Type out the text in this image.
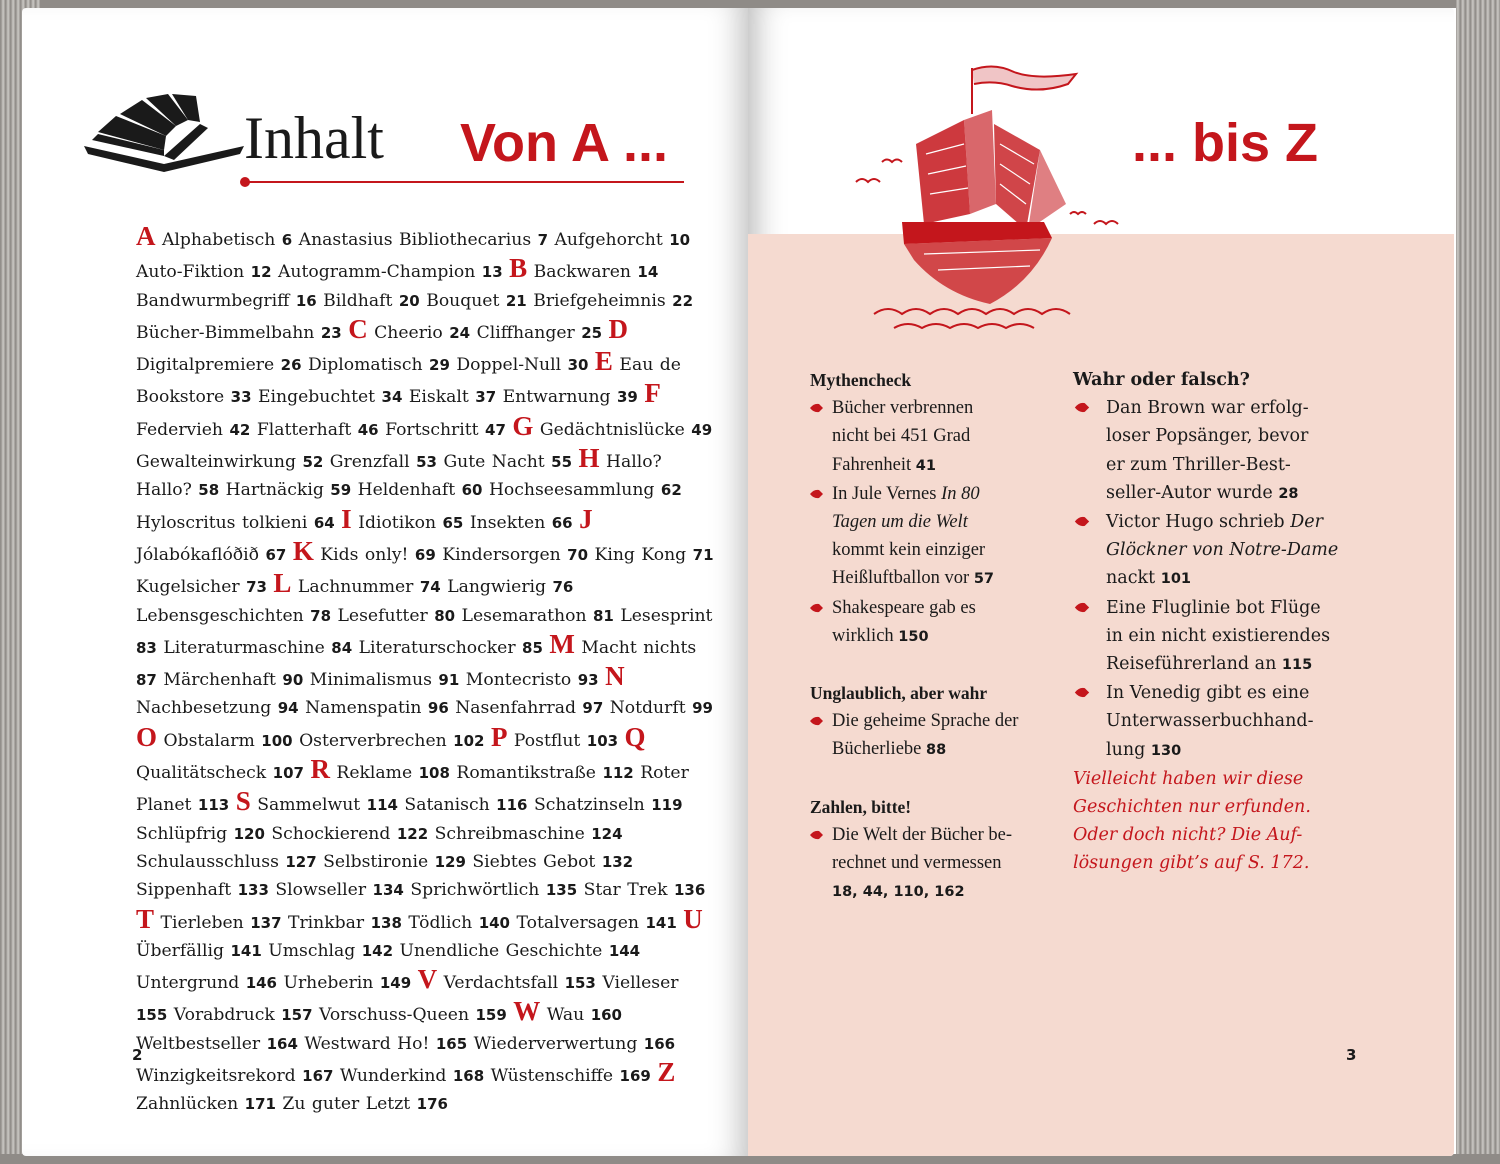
Inhalt Von A ...
A Alphabetisch 6 Anastasius Bibliothecarius 7 Aufgehorcht 10 Auto-Fiktion 12 Autogramm-Champion 13 B Backwaren 14 Bandwurmbegriff 16 Bildhaft 20 Bouquet 21 Briefgeheimnis 22 Bücher-Bimmelbahn 23 C Cheerio 24 Cliffhanger 25 D Digitalpremiere 26 Diplomatisch 29 Doppel-Null 30 E Eau de Bookstore 33 Eingebuchtet 34 Eiskalt 37 Entwarnung 39 F Federvieh 42 Flatterhaft 46 Fortschritt 47 G Gedächtnislücke 49 Gewalteinwirkung 52 Grenzfall 53 Gute Nacht 55 H Hallo? Hallo? 58 Hartnäckig 59 Heldenhaft 60 Hochseesammlung 62 Hyloscritus tolkieni 64 I Idiotikon 65 Insekten 66 J Jólabókaflóðið 67 K Kids only! 69 Kindersorgen 70 King Kong 71 Kugelsicher 73 L Lachnummer 74 Langwierig 76 Lebensgeschichten 78 Lesefutter 80 Lesemarathon 81 Lesesprint 83 Literaturmaschine 84 Literaturschocker 85 M Macht nichts 87 Märchenhaft 90 Minimalismus 91 Montecristo 93 N Nachbesetzung 94 Namenspatin 96 Nasenfahrrad 97 Notdurft 99 O Obstalarm 100 Osterverbrechen 102 P Postflut 103 Q Qualitätscheck 107 R Reklame 108 Romantikstraße 112 Roter Planet 113 S Sammelwut 114 Satanisch 116 Schatzinseln 119 Schlüpfrig 120 Schockierend 122 Schreibmaschine 124 Schulausschluss 127 Selbstironie 129 Siebtes Gebot 132 Sippenhaft 133 Slowseller 134 Sprichwörtlich 135 Star Trek 136 T Tierleben 137 Trinkbar 138 Tödlich 140 Totalversagen 141 U Überfällig 141 Umschlag 142 Unendliche Geschichte 144 Untergrund 146 Urheberin 149 V Verdachtsfall 153 Vielleser 155 Vorabdruck 157 Vorschuss-Queen 159 W Wau 160 Weltbestseller 164 Westward Ho! 165 Wiederverwertung 166 Winzigkeitsrekord 167 Wunderkind 168 Wüstenschiffe 169 Z Zahnlücken 171 Zu guter Letzt 176
2
... bis Z

Mythencheck

Bücher verbrennen
nicht bei 451 Grad
Fahrenheit 41
In Jule Vernes In 80
Tagen um die Welt
kommt kein einziger
Heißluftballon vor 57
Shakespeare gab es
wirklich 150

Unglaublich, aber wahr

Die geheime Sprache der
Bücherliebe 88

Zahlen, bitte!

Die Welt der Bücher be-
rechnet und vermessen
18, 44, 110, 162

Wahr oder falsch?

Dan Brown war erfolg-
loser Popsänger, bevor
er zum Thriller-Best-
seller-Autor wurde 28
Victor Hugo schrieb Der
Glöckner von Notre-Dame
nackt 101
Eine Fluglinie bot Flüge
in ein nicht existierendes
Reiseführerland an 115
In Venedig gibt es eine
Unterwasserbuchhand-
lung 130
Vielleicht haben wir diese
Geschichten nur erfunden.
Oder doch nicht? Die Auf-
lösungen gibt’s auf S. 172.
3
